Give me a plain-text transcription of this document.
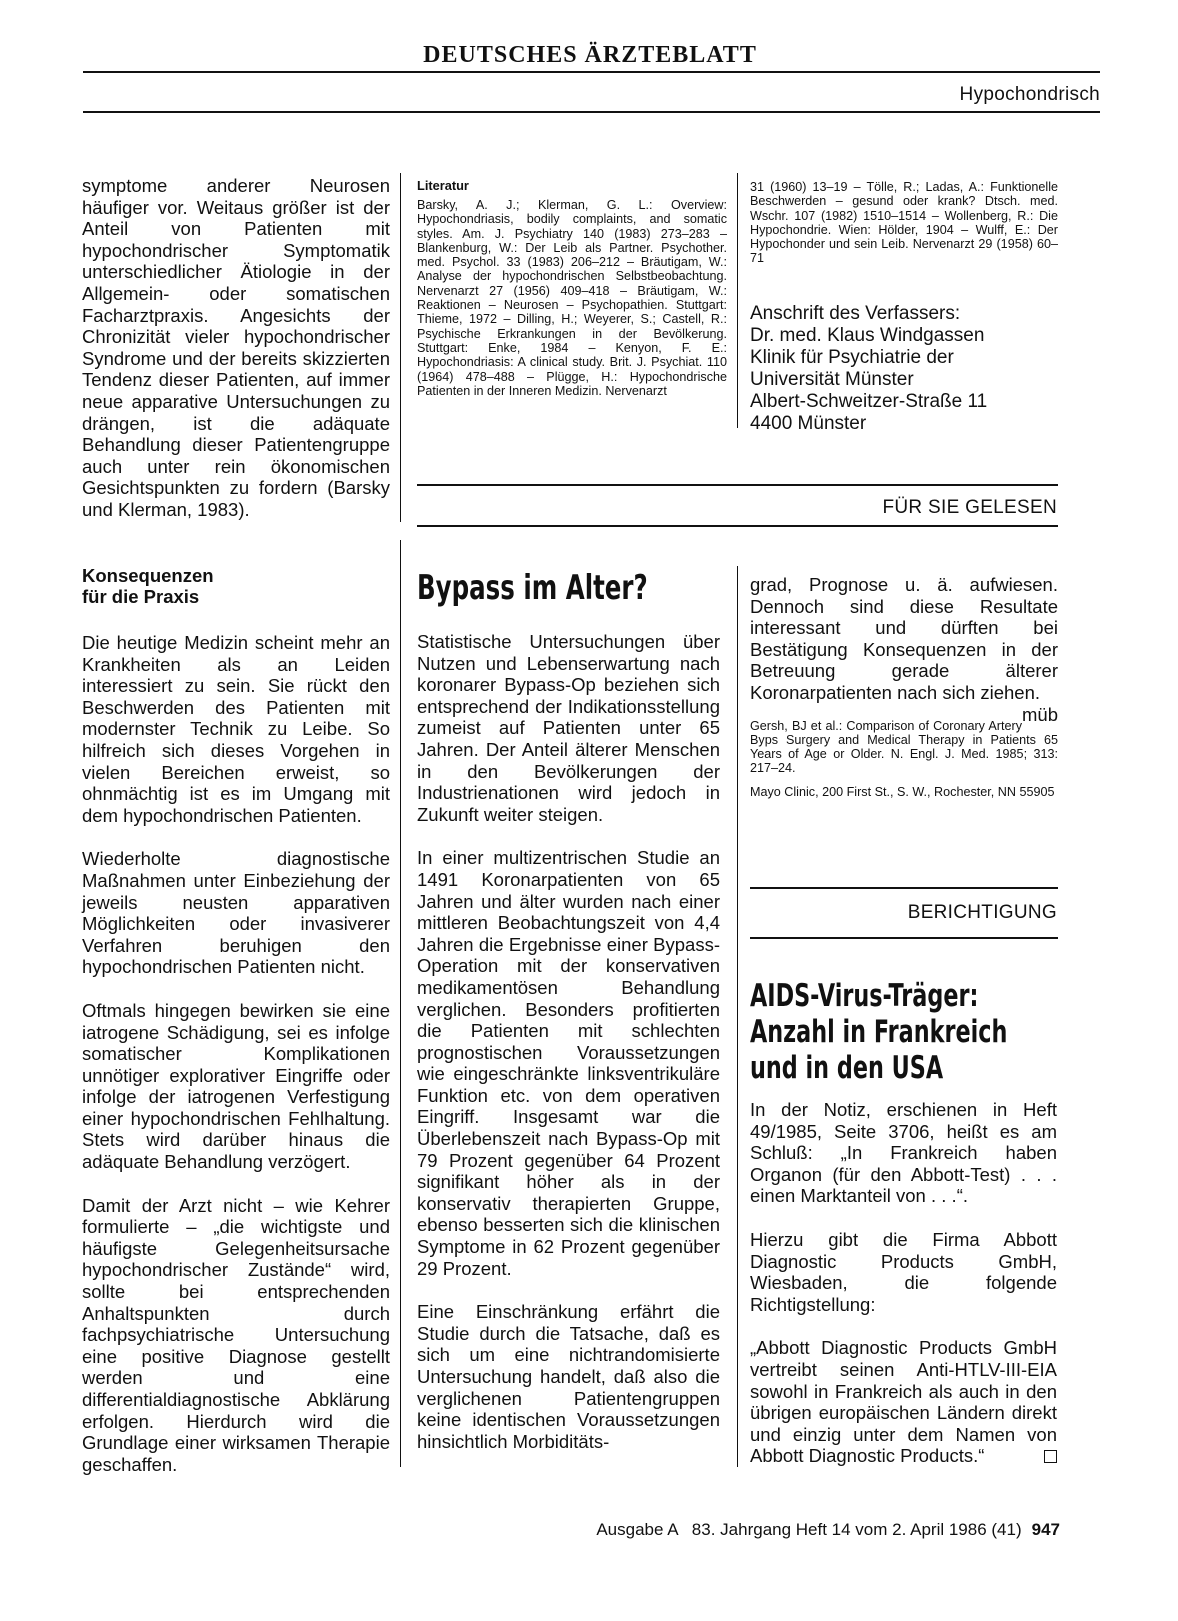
DEUTSCHES ÄRZTEBLATT
Hypochondrisch

symptome anderer Neurosen häufiger vor. Weitaus größer ist der Anteil von Patienten mit hypochondrischer Symptomatik unterschiedlicher Ätiologie in der Allgemein- oder somatischen Facharztpraxis. Angesichts der Chronizität vieler hypochondrischer Syndrome und der bereits skizzierten Tendenz dieser Patienten, auf immer neue apparative Untersuchungen zu drängen, ist die adäquate Behandlung dieser Patientengruppe auch unter rein ökonomischen Gesichtspunkten zu fordern (Barsky und Klerman, 1983).

Literatur
Barsky, A. J.; Klerman, G. L.: Overview: Hypochondriasis, bodily complaints, and somatic styles. Am. J. Psychiatry 140 (1983) 273–283 – Blankenburg, W.: Der Leib als Partner. Psychother. med. Psychol. 33 (1983) 206–212 – Bräutigam, W.: Analyse der hypochondrischen Selbstbeobachtung. Nervenarzt 27 (1956) 409–418 – Bräutigam, W.: Reaktionen – Neurosen – Psychopathien. Stuttgart: Thieme, 1972 – Dilling, H.; Weyerer, S.; Castell, R.: Psychische Erkrankungen in der Bevölkerung. Stuttgart: Enke, 1984 – Kenyon, F. E.: Hypochondriasis: A clinical study. Brit. J. Psychiat. 110 (1964) 478–488 – Plügge, H.: Hypochondrische Patienten in der Inneren Medizin. Nervenarzt
31 (1960) 13–19 – Tölle, R.; Ladas, A.: Funktionelle Beschwerden – gesund oder krank? Dtsch. med. Wschr. 107 (1982) 1510–1514 – Wollenberg, R.: Die Hypochondrie. Wien: Hölder, 1904 – Wulff, E.: Der Hypochonder und sein Leib. Nervenarzt 29 (1958) 60–71
Anschrift des Verfassers:
Dr. med. Klaus Windgassen
Klinik für Psychiatrie der
Universität Münster
Albert-Schweitzer-Straße 11
4400 Münster
FÜR SIE GELESEN
Konsequenzen
für die Praxis

Die heutige Medizin scheint mehr an Krankheiten als an Leiden interessiert zu sein. Sie rückt den Beschwerden des Patienten mit modernster Technik zu Leibe. So hilfreich sich dieses Vorgehen in vielen Bereichen erweist, so ohnmächtig ist es im Umgang mit dem hypochondrischen Patienten.

Wiederholte diagnostische Maßnahmen unter Einbeziehung der jeweils neusten apparativen Möglichkeiten oder invasiverer Verfahren beruhigen den hypochondrischen Patienten nicht.

Oftmals hingegen bewirken sie eine iatrogene Schädigung, sei es infolge somatischer Komplikationen unnötiger explorativer Eingriffe oder infolge der iatrogenen Verfestigung einer hypochondrischen Fehlhaltung. Stets wird darüber hinaus die adäquate Behandlung verzögert.

Damit der Arzt nicht – wie Kehrer formulierte – „die wichtigste und häufigste Gelegenheitsursache hypochondrischer Zustände“ wird, sollte bei entsprechenden Anhaltspunkten durch fachpsychiatrische Untersuchung eine positive Diagnose gestellt werden und eine differentialdiagnostische Abklärung erfolgen. Hierdurch wird die Grundlage einer wirksamen Therapie geschaffen.

Bypass im Alter?

Statistische Untersuchungen über Nutzen und Lebenserwartung nach koronarer Bypass-Op beziehen sich entsprechend der Indikationsstellung zumeist auf Patienten unter 65 Jahren. Der Anteil älterer Menschen in den Bevölkerungen der Industrienationen wird jedoch in Zukunft weiter steigen.

In einer multizentrischen Studie an 1491 Koronarpatienten von 65 Jahren und älter wurden nach einer mittleren Beobachtungszeit von 4,4 Jahren die Ergebnisse einer Bypass-Operation mit der konservativen medikamentösen Behandlung verglichen. Besonders profitierten die Patienten mit schlechten prognostischen Voraussetzungen wie eingeschränkte linksventrikuläre Funktion etc. von dem operativen Eingriff. Insgesamt war die Überlebenszeit nach Bypass-Op mit 79 Prozent gegenüber 64 Prozent signifikant höher als in der konservativ therapierten Gruppe, ebenso besserten sich die klinischen Symptome in 62 Prozent gegenüber 29 Prozent.

Eine Einschränkung erfährt die Studie durch die Tatsache, daß es sich um eine nichtrandomisierte Untersuchung handelt, daß also die verglichenen Patientengruppen keine identischen Voraussetzungen hinsichtlich Morbiditäts-

grad, Prognose u. ä. aufwiesen. Dennoch sind diese Resultate interessant und dürften bei Bestätigung Konsequenzen in der Betreuung gerade älterer Koronarpatienten nach sich ziehen.
müb
Gersh, BJ et al.: Comparison of Coronary Artery Byps Surgery and Medical Therapy in Patients 65 Years of Age or Older. N. Engl. J. Med. 1985; 313: 217–24.
Mayo Clinic, 200 First St., S. W., Rochester, NN 55905
BERICHTIGUNG
AIDS-Virus-Träger:
Anzahl in Frankreich
und in den USA

In der Notiz, erschienen in Heft 49/1985, Seite 3706, heißt es am Schluß: „In Frankreich haben Organon (für den Abbott-Test) . . . einen Marktanteil von . . .“.

Hierzu gibt die Firma Abbott Diagnostic Products GmbH, Wiesbaden, die folgende Richtigstellung:

„Abbott Diagnostic Products GmbH vertreibt seinen Anti-HTLV-III-EIA sowohl in Frankreich als auch in den übrigen europäischen Ländern direkt und einzig unter dem Namen von Abbott Diagnostic Products.“

Ausgabe A   83. Jahrgang Heft 14 vom 2. April 1986 (41) 947
